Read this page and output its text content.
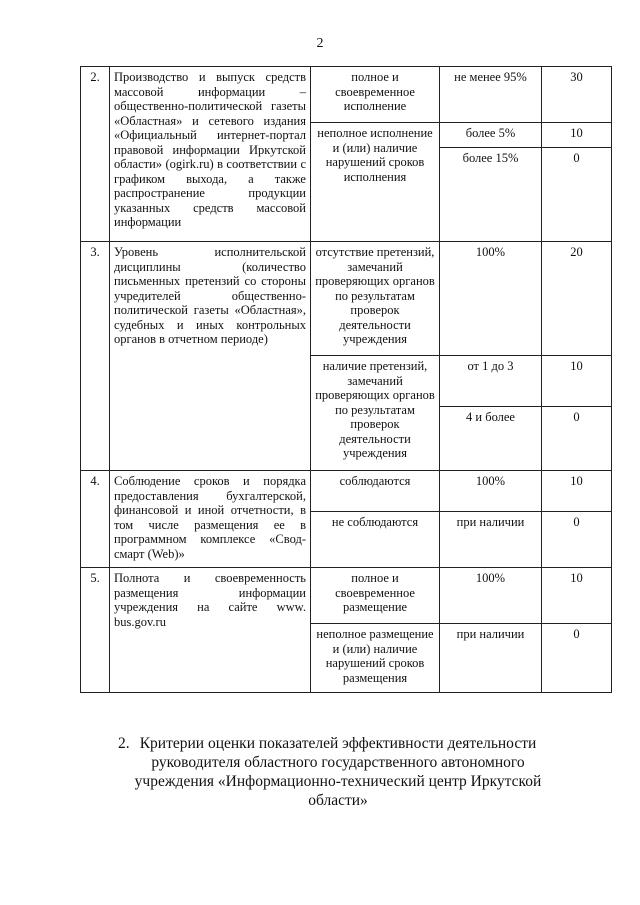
2
2.	Производство и выпуск средств массовой информации – общественно-политической газеты «Областная» и сетевого издания «Официальный интернет-портал правовой информации Иркутской области» (ogirk.ru) в соответствии с графиком выхода, а также распространение продукции указанных средств массовой информации	полное и своевременное исполнение	не менее 95%	30
		неполное исполнение и (или) наличие нарушений сроков исполнения	более 5%	10
			более 15%	0
3.	Уровень исполнительской дисциплины (количество письменных претензий со стороны учредителей общественно-политической газеты «Областная», судебных и иных контрольных органов в отчетном периоде)	отсутствие претензий, замечаний проверяющих органов по результатам проверок деятельности учреждения	100%	20
		наличие претензий, замечаний проверяющих органов по результатам проверок деятельности учреждения	от 1 до 3	10
			4 и более	0
4.	Соблюдение сроков и порядка предоставления бухгалтерской, финансовой и иной отчетности, в том числе размещения ее в программном комплексе «Свод-смарт (Web)»	соблюдаются	100%	10
		не соблюдаются	при наличии	0
5.	Полнота и своевременность размещения информации учреждения на сайте www. bus.gov.ru	полное и своевременное размещение	100%	10
		неполное размещение и (или) наличие нарушений сроков размещения	при наличии	0
2. Критерии оценки показателей эффективности деятельности руководителя областного государственного автономного учреждения «Информационно-технический центр Иркутской области»
